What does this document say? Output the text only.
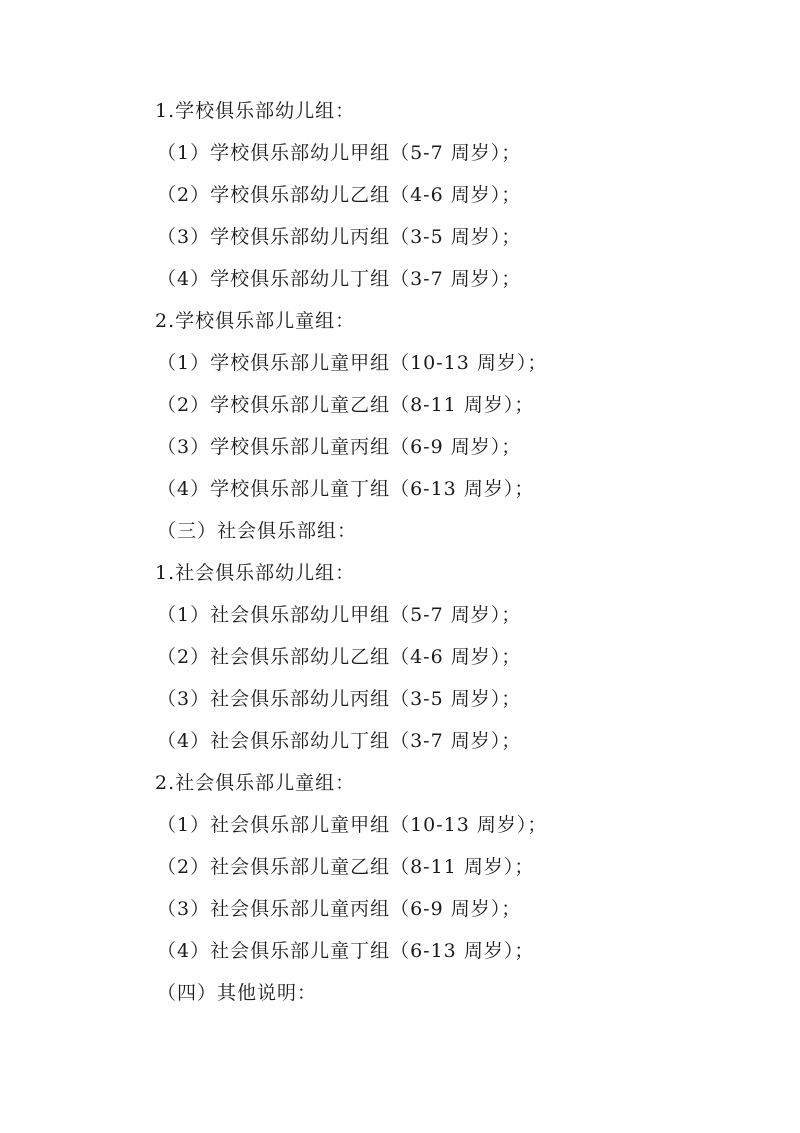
1.学校俱乐部幼儿组：
（1）学校俱乐部幼儿甲组（5-7 周岁）；
（2）学校俱乐部幼儿乙组（4-6 周岁）；
（3）学校俱乐部幼儿丙组（3-5 周岁）；
（4）学校俱乐部幼儿丁组（3-7 周岁）；
2.学校俱乐部儿童组：
（1）学校俱乐部儿童甲组（10-13 周岁）；
（2）学校俱乐部儿童乙组（8-11 周岁）；
（3）学校俱乐部儿童丙组（6-9 周岁）；
（4）学校俱乐部儿童丁组（6-13 周岁）；
（三）社会俱乐部组：
1.社会俱乐部幼儿组：
（1）社会俱乐部幼儿甲组（5-7 周岁）；
（2）社会俱乐部幼儿乙组（4-6 周岁）；
（3）社会俱乐部幼儿丙组（3-5 周岁）；
（4）社会俱乐部幼儿丁组（3-7 周岁）；
2.社会俱乐部儿童组：
（1）社会俱乐部儿童甲组（10-13 周岁）；
（2）社会俱乐部儿童乙组（8-11 周岁）；
（3）社会俱乐部儿童丙组（6-9 周岁）；
（4）社会俱乐部儿童丁组（6-13 周岁）；
（四）其他说明：
